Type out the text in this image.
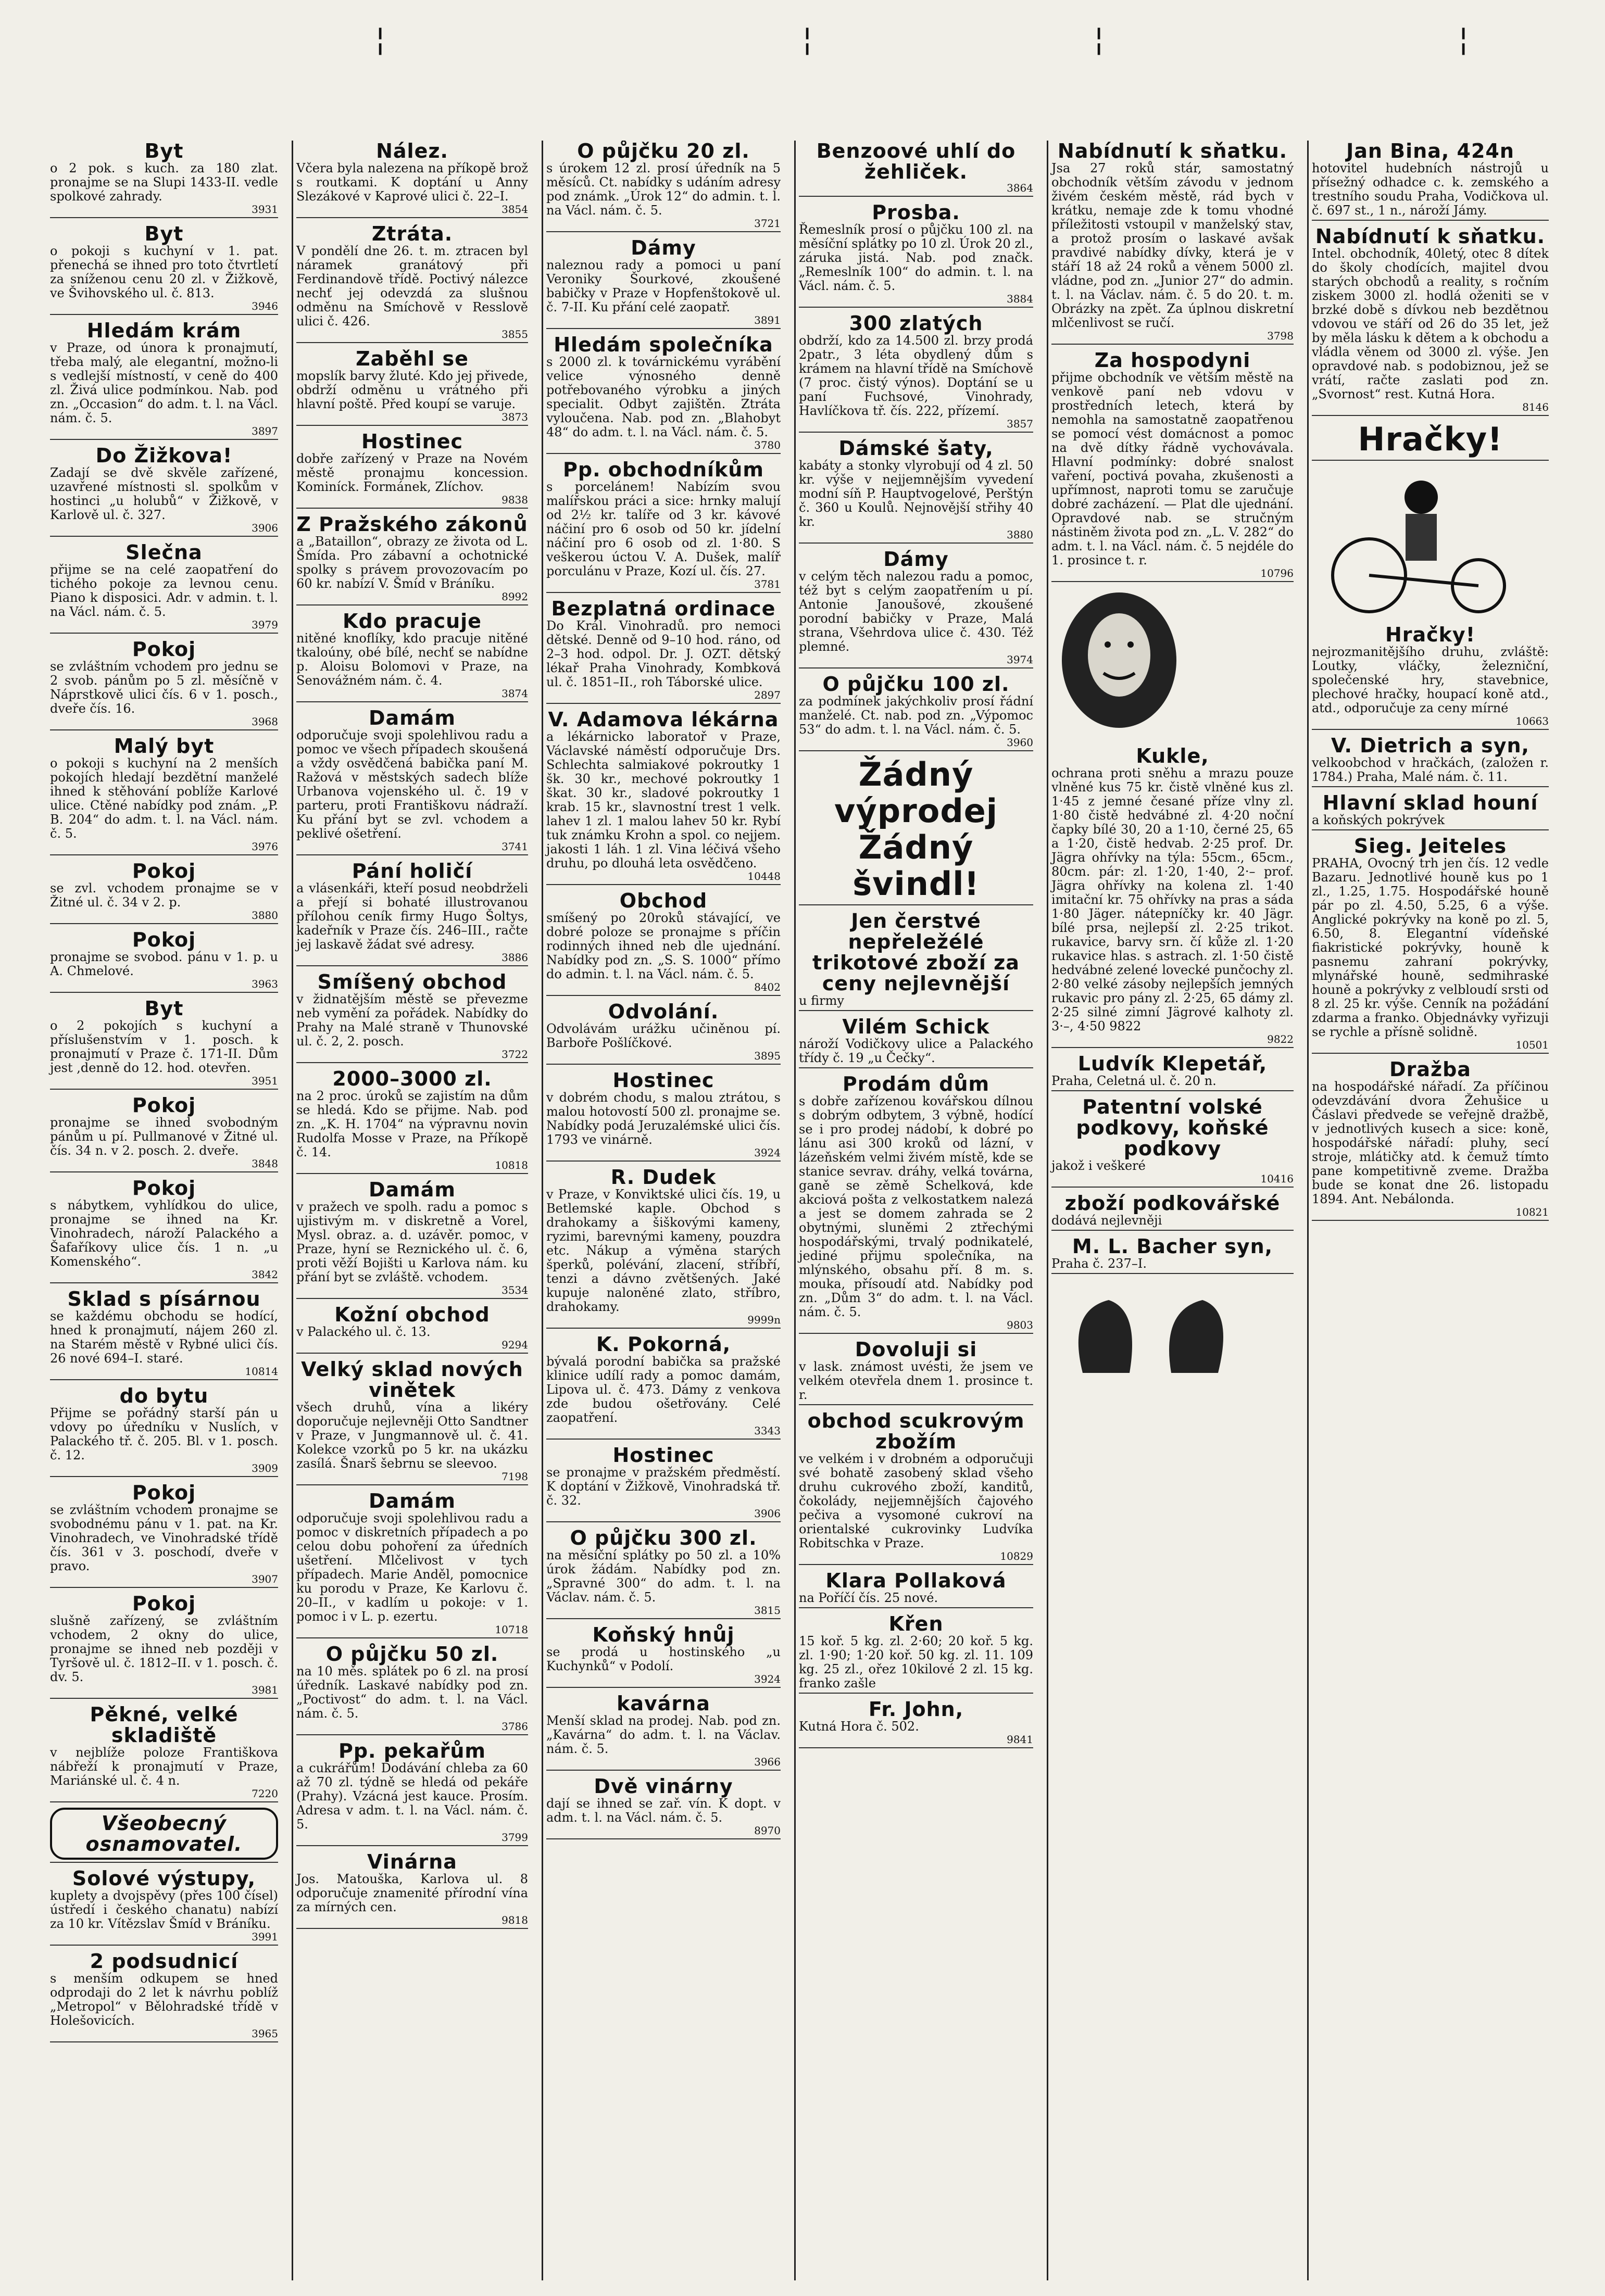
¦	¦	¦	¦
Byt

o 2 pok. s kuch. za 180 zlat. pronajme se na Slupi 1433-II. vedle spolkové zahrady.

3931
Byt

o pokoji s kuchyní v 1. pat. přenechá se ihned pro toto čtvrtletí za sníženou cenu 20 zl. v Žižkově, ve Švihovského ul. č. 813.

3946
Hledám krám

v Praze, od února k pronajmutí, třeba malý, ale elegantní, možno-li s vedlejší místností, v ceně do 400 zl. Živá ulice podmínkou. Nab. pod zn. „Occasion“ do adm. t. l. na Václ. nám. č. 5.

3897
Do Žižkova!

Zadají se dvě skvěle zařízené, uzavřené místnosti sl. spolkům v hostinci „u holubů“ v Žižkově, v Karlově ul. č. 327.

3906
Slečna

přijme se na celé zaopatření do tichého pokoje za levnou cenu. Piano k disposici. Adr. v admin. t. l. na Václ. nám. č. 5.

3979
Pokoj

se zvláštním vchodem pro jednu se 2 svob. pánům po 5 zl. měsíčně v Náprstkově ulici čís. 6 v 1. posch., dveře čís. 16.

3968
Malý byt

o pokoji s kuchyní na 2 menších pokojích hledají bezdětní manželé ihned k stěhování poblíže Karlové ulice. Ctěné nabídky pod znám. „P. B. 204“ do adm. t. l. na Václ. nám. č. 5.

3976
Pokoj

se zvl. vchodem pronajme se v Žitné ul. č. 34 v 2. p.

3880
Pokoj

pronajme se svobod. pánu v 1. p. u A. Chmelové.

3963
Byt

o 2 pokojích s kuchyní a příslušenstvím v 1. posch. k pronajmutí v Praze č. 171-II. Dům jest ,denně do 12. hod. otevřen.

3951
Pokoj

pronajme se ihned svobodným pánům u pí. Pullmanové v Žitné ul. čís. 34 n. v 2. posch. 2. dveře.

3848
Pokoj

s nábytkem, vyhlídkou do ulice, pronajme se ihned na Kr. Vinohradech, nároží Palackého a Šafaříkovy ulice čís. 1 n. „u Komenského“.

3842
Sklad s písárnou

se každému obchodu se hodící, hned k pronajmutí, nájem 260 zl. na Starém městě v Rybné ulici čís. 26 nové 694–I. staré.

10814
do bytu

Přijme se pořádný starší pán u vdovy po úředníku v Nuslích, v Palackého tř. č. 205. Bl. v 1. posch. č. 12.

3909
Pokoj

se zvláštním vchodem pronajme se svobodnému pánu v 1. pat. na Kr. Vinohradech, ve Vinohradské třídě čís. 361 v 3. poschodí, dveře v pravo.

3907
Pokoj

slušně zařízený, se zvláštním vchodem, 2 okny do ulice, pronajme se ihned neb později v Tyršově ul. č. 1812–II. v 1. posch. č. dv. 5.

3981
Pěkné, velké skladiště

v nejblíže poloze Františkova nábřeží k pronajmutí v Praze, Mariánské ul. č. 4 n.

7220
Všeobecný osnamovatel.
Solové výstupy,

kuplety a dvojspěvy (přes 100 čísel) ústředí i českého chanatu) nabízí za 10 kr. Vítězslav Šmíd v Bráníku.

3991
2 podsudnicí

s menším odkupem se hned odprodaji do 2 let k návrhu poblíž „Metropol“ v Bělohradské třídě v Holešovicích.

3965
Nález.

Včera byla nalezena na příkopě brož s routkami. K doptání u Anny Slezákové v Kaprové ulici č. 22–I.

3854
Ztráta.

V pondělí dne 26. t. m. ztracen byl náramek granátový při Ferdinandově třídě. Poctivý nálezce nechť jej odevzdá za slušnou odměnu na Smíchově v Resslově ulici č. 426.

3855
Zaběhl se

mopslík barvy žluté. Kdo jej přivede, obdrží odměnu u vrátného při hlavní poště. Před koupí se varuje.

3873
Hostinec

dobře zařízený v Praze na Novém městě pronajmu koncession. Kominíck. Formánek, Zlíchov.

9838
Z Pražského zákonů

a „Bataillon“, obrazy ze života od L. Šmída. Pro zábavní a ochotnické spolky s právem provozovacím po 60 kr. nabízí V. Šmíd v Bráníku.

8992
Kdo pracuje

nitěné knoflíky, kdo pracuje nitěné tkaloúny, obé bílé, nechť se nabídne p. Aloisu Bolomovi v Praze, na Senovážném nám. č. 4.

3874
Damám

odporučuje svoji spolehlivou radu a pomoc ve všech případech skoušená a vždy osvědčená babička paní M. Ražová v městských sadech blíže Urbanova vojenského ul. č. 19 v parteru, proti Františkovu nádraží. Ku přání byt se zvl. vchodem a peklivé ošetření.

3741
Pání holičí

a vlásenkáři, kteří posud neobdrželi a přejí si bohaté illustrovanou přílohou ceník firmy Hugo Šoltys, kadeřník v Praze čís. 246–III., račte jej laskavě žádat své adresy.

3886
Smíšený obchod

v židnatějším městě se převezme neb vymění za pořádek. Nabídky do Prahy na Malé straně v Thunovské ul. č. 2, 2. posch.

3722
2000–3000 zl.

na 2 proc. úroků se zajistím na dům se hledá. Kdo se přijme. Nab. pod zn. „K. H. 1704“ na výpravnu novin Rudolfa Mosse v Praze, na Příkopě č. 14.

10818
Damám

v pražech ve spolh. radu a pomoc s ujistivým m. v diskretně a Vorel, Mysl. obraz. a. d. uzávěr. pomoc, v Praze, hyní se Reznického ul. č. 6, proti věží Bojišti u Karlova nám. ku přání byt se zvláště. vchodem.

3534
Kožní obchod

v Palackého ul. č. 13.

9294
Velký sklad nových vinětek

všech druhů, vína a likéry doporučuje nejlevněji Otto Sandtner v Praze, v Jungmannově ul. č. 41. Kolekce vzorků po 5 kr. na ukázku zasílá. Šnarš šebrnu se sleevoo.

7198
Damám

odporučuje svoji spolehlivou radu a pomoc v diskretních případech a po celou dobu pohoření za úředních ušetření. Mlčelivost v tych případech. Marie Anděl, pomocnice ku porodu v Praze, Ke Karlovu č. 20–II., v kadlím u pokoje: v 1. pomoc i v L. p. ezertu.

10718
O půjčku 50 zl.

na 10 měs. splátek po 6 zl. na prosí úředník. Laskavé nabídky pod zn. „Poctivost“ do adm. t. l. na Václ. nám. č. 5.

3786
Pp. pekařům

a cukrářům! Dodávání chleba za 60 až 70 zl. týdně se hledá od pekáře (Prahy). Vzácná jest kauce. Prosím. Adresa v adm. t. l. na Václ. nám. č. 5.

3799
Vinárna

Jos. Matouška, Karlova ul. 8 odporučuje znamenité přírodní vína za mírných cen.

9818
O půjčku 20 zl.

s úrokem 12 zl. prosí úředník na 5 měsíců. Ct. nabídky s udáním adresy pod známk. „Úrok 12“ do admin. t. l. na Václ. nám. č. 5.

3721
Dámy

naleznou rady a pomoci u paní Veroniky Šourkové, zkoušené babičky v Praze v Hopfenštokově ul. č. 7-II. Ku přání celé zaopatř.

3891
Hledám společníka

s 2000 zl. k továrnickému vyrábění velice výnosného denně potřebovaného výrobku a jiných specialit. Odbyt zajištěn. Ztráta vyloučena. Nab. pod zn. „Blahobyt 48“ do adm. t. l. na Václ. nám. č. 5.

3780
Pp. obchodníkům

s porcelánem! Nabízím svou malířskou práci a sice: hrnky malují od 2½ kr. talíře od 3 kr. kávové náčiní pro 6 osob od 50 kr. jídelní náčiní pro 6 osob od zl. 1·80. S veškerou úctou V. A. Dušek, malíř porculánu v Praze, Kozí ul. čís. 27.

3781
Bezplatná ordinace

Do Král. Vinohradů. pro nemoci dětské. Denně od 9–10 hod. ráno, od 2–3 hod. odpol. Dr. J. OZT. dětský lékař Praha Vinohrady, Kombková ul. č. 1851–II., roh Táborské ulice.

2897
V. Adamova lékárna

a lékárnicko laboratoř v Praze, Václavské náměstí odporučuje Drs. Schlechta salmiakové pokroutky 1 šk. 30 kr., mechové pokroutky 1 škat. 30 kr., sladové pokroutky 1 krab. 15 kr., slavnostní trest 1 velk. lahev 1 zl. 1 malou lahev 50 kr. Rybí tuk známku Krohn a spol. co nejjem. jakosti 1 láh. 1 zl. Vina léčivá všeho druhu, po dlouhá leta osvědčeno.

10448
Obchod

smíšený po 20roků stávající, ve dobré poloze se pronajme s příčin rodinných ihned neb dle ujednání. Nabídky pod zn. „S. S. 1000“ přímo do admin. t. l. na Václ. nám. č. 5.

8402
Odvolání.

Odvolávám urážku učiněnou pí. Barboře Pošlíčkové.

3895
Hostinec

v dobrém chodu, s malou ztrátou, s malou hotovostí 500 zl. pronajme se. Nabídky podá Jeruzalémské ulici čís. 1793 ve vinárně.

3924
R. Dudek

v Praze, v Konviktské ulici čís. 19, u Betlemské kaple. Obchod s drahokamy a šiškovými kameny, ryzimi, barevnými kameny, pouzdra etc. Nákup a výměna starých šperků, polévání, zlacení, stříbří, tenzi a dávno zvětšených. Jaké kupuje naloněné zlato, stříbro, drahokamy.

9999n
K. Pokorná,

bývalá porodní babička sa pražské klinice udílí rady a pomoc damám, Lipova ul. č. 473. Dámy z venkova zde budou ošetřovány. Celé zaopatření.

3343
Hostinec

se pronajme v pražském předměstí. K doptání v Žižkově, Vinohradská tř. č. 32.

3906
O půjčku 300 zl.

na měsíční splátky po 50 zl. a 10% úrok žádám. Nabídky pod zn. „Spravné 300“ do adm. t. l. na Václav. nám. č. 5.

3815
Koňský hnůj

se prodá u hostinského „u Kuchynků“ v Podolí.

3924
kavárna

Menší sklad na prodej. Nab. pod zn. „Kavárna“ do adm. t. l. na Václav. nám. č. 5.

3966
Dvě vinárny

dají se ihned se zař. vín. K dopt. v adm. t. l. na Václ. nám. č. 5.

8970
Benzoové uhlí do žehliček.
3864
Prosba.

Řemeslník prosí o půjčku 100 zl. na měsíční splátky po 10 zl. Úrok 20 zl., záruka jistá. Nab. pod značk. „Remeslník 100“ do admin. t. l. na Václ. nám. č. 5.

3884
300 zlatých

obdrží, kdo za 14.500 zl. brzy prodá 2patr., 3 léta obydlený dům s krámem na hlavní třídě na Smíchově (7 proc. čistý výnos). Doptání se u paní Fuchsové, Vinohrady, Havlíčkova tř. čís. 222, přízemí.

3857
Dámské šaty,

kabáty a stonky vlyrobují od 4 zl. 50 kr. výše v nejjemnějším vyvedení modní síň P. Hauptvogelové, Perštýn č. 360 u Koulů. Nejnovější střihy 40 kr.

3880
Dámy

v celým těch nalezou radu a pomoc, též byt s celým zaopatřením u pí. Antonie Janoušové, zkoušené porodní babičky v Praze, Malá strana, Všehrdova ulice č. 430. Též plemné.

3974
O půjčku 100 zl.

za podmínek jakýchkoliv prosí řádní manželé. Ct. nab. pod zn. „Výpomoc 53“ do adm. t. l. na Václ. nám. č. 5.

3960
Žádný výprodej Žádný švindl!
Jen čerstvé nepřeležélé trikotové zboží za ceny nejlevnější

u firmy

Vilém Schick

nároží Vodičkovy ulice a Palackého třídy č. 19 „u Čečky“.

Prodám dům

s dobře zařízenou kovářskou dílnou s dobrým odbytem, 3 výbně, hodící se i pro prodej nádobí, k dobré po lánu asi 300 kroků od lázní, v lázeňském velmi živém místě, kde se stanice sevrav. dráhy, velká továrna, ganě se zěmě Schelková, kde akciová pošta z velkostatkem nalezá a jest se domem zahrada se 2 obytnými, sluněmi 2 ztřechými hospodářskými, trvalý podnikatelé, jediné přijmu společníka, na mlýnského, obsahu pří. 8 m. s. mouka, přísoudí atd. Nabídky pod zn. „Dům 3“ do adm. t. l. na Václ. nám. č. 5.

9803
Dovoluji si

v lask. známost uvésti, že jsem ve velkém otevřela dnem 1. prosince t. r.

obchod scukrovým zbožím

ve velkém i v drobném a odporučuji své bohatě zasobený sklad všeho druhu cukrového zboží, kanditů, čokolády, nejjemnějších čajového pečiva a vysomoné cukroví na orientalské cukrovinky Ludvíka Robitschka v Praze.

10829
Klara Pollaková

na Poříčí čís. 25 nové.

Křen

15 koř. 5 kg. zl. 2·60; 20 koř. 5 kg. zl. 1·90; 1·20 koř. 50 kg. zl. 11. 109 kg. 25 zl., ořez 10kilové 2 zl. 15 kg. franko zašle

Fr. John,

Kutná Hora č. 502.

9841
Nabídnutí k sňatku.

Jsa 27 roků stár, samostatný obchodník větším závodu v jednom živém českém městě, rád bych v krátku, nemaje zde k tomu vhodné příležitosti vstoupil v manželský stav, a protož prosím o laskavé avšak pravdivé nabídky dívky, která je v stáří 18 až 24 roků a věnem 5000 zl. vládne, pod zn. „Junior 27“ do admin. t. l. na Václav. nám. č. 5 do 20. t. m. Obrázky na zpět. Za úplnou diskretní mlčenlivost se ručí.

3798
Za hospodyni

přijme obchodník ve větším městě na venkově paní neb vdovu v prostředních letech, která by nemohla na samostatně zaopatřenou se pomocí vést domácnost a pomoc na dvě dítky řádně vychovávala. Hlavní podmínky: dobré snalost vaření, poctivá povaha, zkušenosti a upřímnost, naproti tomu se zaručuje dobré zacházení. — Plat dle ujednání. Opravdové nab. se stručným nástiněm života pod zn. „L. V. 282“ do adm. t. l. na Václ. nám. č. 5 nejdéle do 1. prosince t. r.

10796
Kukle,

ochrana proti sněhu a mrazu pouze vlněné kus 75 kr. čistě vlněné kus zl. 1·45 z jemné česané příze vlny zl. 1·80 čistě hedvábné zl. 4·20 noční čapky bílé 30, 20 a 1·10, černé 25, 65 a 1·20, čistě hedvab. 2·25 prof. Dr. Jägra ohřívky na týla: 55cm., 65cm., 80cm. pár: zl. 1·20, 1·40, 2·– prof. Jägra ohřívky na kolena zl. 1·40 imitační kr. 75 ohřívky na pras a sáda 1·80 Jäger. nátepníčky kr. 40 Jägr. bílé prsa, nejlepší zl. 2·25 trikot. rukavice, barvy srn. čí kůže zl. 1·20 rukavice hlas. s astrach. zl. 1·50 čistě hedvábné zelené lovecké punčochy zl. 2·80 velké zásoby nejlepších jemných rukavic pro pány zl. 2·25, 65 dámy zl. 2·25 silné zimní Jägrové kalhoty zl. 3·–, 4·50 9822

9822
Ludvík Klepetář,

Praha, Celetná ul. č. 20 n.

Patentní volské podkovy, koňské podkovy

jakož i veškeré

10416
zboží podkovářské

dodává nejlevněji

M. L. Bacher syn,

Praha č. 237–I.

Jan Bina, 424n

hotovitel hudebních nástrojů u přísežný odhadce c. k. zemského a trestního soudu Praha, Vodičkova ul. č. 697 st., 1 n., nároží Jámy.

Nabídnutí k sňatku.

Intel. obchodník, 40letý, otec 8 dítek do školy chodících, majitel dvou starých obchodů a reality, s ročním ziskem 3000 zl. hodlá oženiti se v brzké době s dívkou neb bezdětnou vdovou ve stáří od 26 do 35 let, jež by měla lásku k dětem a k obchodu a vládla věnem od 3000 zl. výše. Jen opravdové nab. s podobiznou, jež se vrátí, račte zaslati pod zn. „Svornost“ rest. Kutná Hora.

8146
Hračky!
Hračky!

nejrozmanitějšího druhu, zvláště: Loutky, vláčky, železniční, společenské hry, stavebnice, plechové hračky, houpací koně atd., atd., odporučuje za ceny mírné

10663
V. Dietrich a syn,

velkoobchod v hračkách, (založen r. 1784.) Praha, Malé nám. č. 11.

Hlavní sklad houní

a koňských pokrývek

Sieg. Jeiteles

PRAHA, Ovocný trh jen čís. 12 vedle Bazaru. Jednotlivé houně kus po 1 zl., 1.25, 1.75. Hospodářské houně pár po zl. 4.50, 5.25, 6 a výše. Anglické pokrývky na koně po zl. 5, 6.50, 8. Elegantní vídeňské fiakristické pokrývky, houně k pasnemu zahraní pokrývky, mlynářské houně, sedmihraské houně a pokrývky z velbloudí srsti od 8 zl. 25 kr. výše. Cenník na požádání zdarma a franko. Objednávky vyřizuji se rychle a přísně solidně.

10501
Dražba

na hospodářské nářadí. Za příčinou odevzdávání dvora Žehušice u Čáslavi předvede se veřejně dražbě, v jednotlivých kusech a sice: koně, hospodářské nářadí: pluhy, secí stroje, mlátičky atd. k čemuž tímto pane kompetitivně zveme. Dražba bude se konat dne 26. listopadu 1894. Ant. Nebálonda.

10821
